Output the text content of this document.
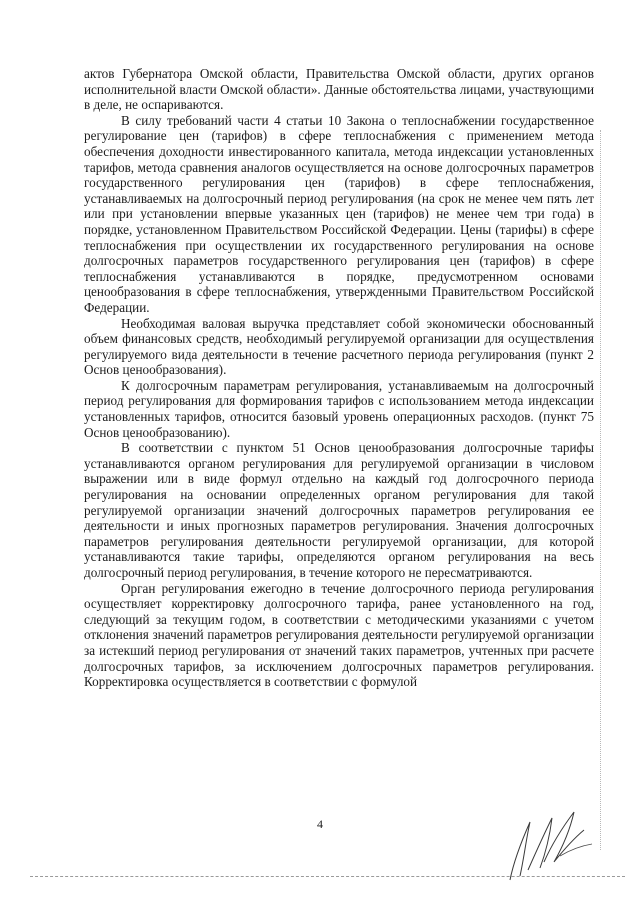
актов Губернатора Омской области, Правительства Омской области, других органов исполнительной власти Омской области». Данные обстоятельства лицами, участвующими в деле, не оспариваются.

В силу требований части 4 статьи 10 Закона о теплоснабжении государственное регулирование цен (тарифов) в сфере теплоснабжения с применением метода обеспечения доходности инвестированного капитала, метода индексации установленных тарифов, метода сравнения аналогов осуществляется на основе долгосрочных параметров государственного регулирования цен (тарифов) в сфере теплоснабжения, устанавливаемых на долгосрочный период регулирования (на срок не менее чем пять лет или при установлении впервые указанных цен (тарифов) не менее чем три года) в порядке, установленном Правительством Российской Федерации. Цены (тарифы) в сфере теплоснабжения при осуществлении их государственного регулирования на основе долгосрочных параметров государственного регулирования цен (тарифов) в сфере теплоснабжения устанавливаются в порядке, предусмотренном основами ценообразования в сфере теплоснабжения, утвержденными Правительством Российской Федерации.

Необходимая валовая выручка представляет собой экономически обоснованный объем финансовых средств, необходимый регулируемой организации для осуществления регулируемого вида деятельности в течение расчетного периода регулирования (пункт 2 Основ ценообразования).

К долгосрочным параметрам регулирования, устанавливаемым на долгосрочный период регулирования для формирования тарифов с использованием метода индексации установленных тарифов, относится базовый уровень операционных расходов. (пункт 75 Основ ценообразованию).

В соответствии с пунктом 51 Основ ценообразования долгосрочные тарифы устанавливаются органом регулирования для регулируемой организации в числовом выражении или в виде формул отдельно на каждый год долгосрочного периода регулирования на основании определенных органом регулирования для такой регулируемой организации значений долгосрочных параметров регулирования ее деятельности и иных прогнозных параметров регулирования. Значения долгосрочных параметров регулирования деятельности регулируемой организации, для которой устанавливаются такие тарифы, определяются органом регулирования на весь долгосрочный период регулирования, в течение которого не пересматриваются.

Орган регулирования ежегодно в течение долгосрочного периода регулирования осуществляет корректировку долгосрочного тарифа, ранее установленного на год, следующий за текущим годом, в соответствии с методическими указаниями с учетом отклонения значений параметров регулирования деятельности регулируемой организации за истекший период регулирования от значений таких параметров, учтенных при расчете долгосрочных тарифов, за исключением долгосрочных параметров регулирования. Корректировка осуществляется в соответствии с формулой

4
